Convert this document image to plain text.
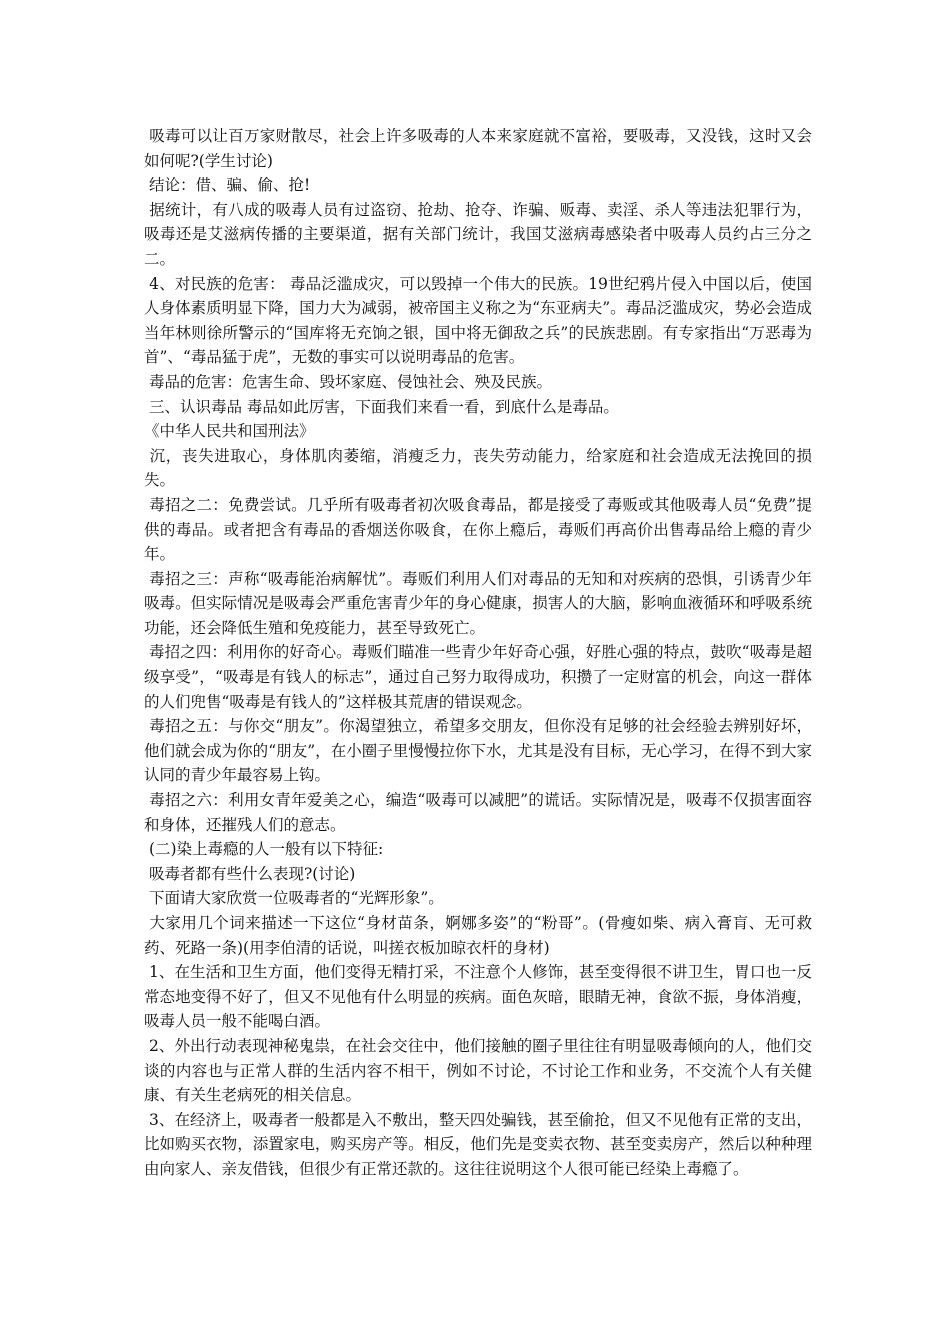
吸毒可以让百万家财散尽，社会上许多吸毒的人本来家庭就不富裕，要吸毒，又没钱，这时又会如何呢?(学生讨论)

结论：借、骗、偷、抢!

据统计，有八成的吸毒人员有过盗窃、抢劫、抢夺、诈骗、贩毒、卖淫、杀人等违法犯罪行为，吸毒还是艾滋病传播的主要渠道，据有关部门统计，我国艾滋病毒感染者中吸毒人员约占三分之二。

4、对民族的危害： 毒品泛滥成灾，可以毁掉一个伟大的民族。19世纪鸦片侵入中国以后，使国人身体素质明显下降，国力大为减弱，被帝国主义称之为“东亚病夫”。毒品泛滥成灾，势必会造成当年林则徐所警示的“国库将无充饷之银，国中将无御敌之兵”的民族悲剧。有专家指出“万恶毒为首”、“毒品猛于虎”，无数的事实可以说明毒品的危害。

毒品的危害：危害生命、毁坏家庭、侵蚀社会、殃及民族。

三、认识毒品 毒品如此厉害，下面我们来看一看，到底什么是毒品。

《中华人民共和国刑法》

沉，丧失进取心，身体肌肉萎缩，消瘦乏力，丧失劳动能力，给家庭和社会造成无法挽回的损失。

毒招之二：免费尝试。几乎所有吸毒者初次吸食毒品，都是接受了毒贩或其他吸毒人员“免费”提供的毒品。或者把含有毒品的香烟送你吸食，在你上瘾后，毒贩们再高价出售毒品给上瘾的青少年。

毒招之三：声称“吸毒能治病解忧”。毒贩们利用人们对毒品的无知和对疾病的恐惧，引诱青少年吸毒。但实际情况是吸毒会严重危害青少年的身心健康，损害人的大脑，影响血液循环和呼吸系统功能，还会降低生殖和免疫能力，甚至导致死亡。

毒招之四：利用你的好奇心。毒贩们瞄准一些青少年好奇心强，好胜心强的特点，鼓吹“吸毒是超级享受”，“吸毒是有钱人的标志”，通过自己努力取得成功，积攒了一定财富的机会，向这一群体的人们兜售“吸毒是有钱人的”这样极其荒唐的错误观念。

毒招之五：与你交“朋友”。你渴望独立，希望多交朋友，但你没有足够的社会经验去辨别好坏，他们就会成为你的“朋友”，在小圈子里慢慢拉你下水，尤其是没有目标，无心学习，在得不到大家认同的青少年最容易上钩。

毒招之六：利用女青年爱美之心，编造“吸毒可以减肥”的谎话。实际情况是，吸毒不仅损害面容和身体，还摧残人们的意志。

(二)染上毒瘾的人一般有以下特征:

吸毒者都有些什么表现?(讨论)

下面请大家欣赏一位吸毒者的“光辉形象”。

大家用几个词来描述一下这位“身材苗条，婀娜多姿”的“粉哥”。(骨瘦如柴、病入膏肓、无可救药、死路一条)(用李伯清的话说，叫搓衣板加晾衣杆的身材)

1、在生活和卫生方面，他们变得无精打采，不注意个人修饰，甚至变得很不讲卫生，胃口也一反常态地变得不好了，但又不见他有什么明显的疾病。面色灰暗，眼睛无神，食欲不振，身体消瘦，吸毒人员一般不能喝白酒。

2、外出行动表现神秘鬼祟，在社会交往中，他们接触的圈子里往往有明显吸毒倾向的人，他们交谈的内容也与正常人群的生活内容不相干，例如不讨论，不讨论工作和业务，不交流个人有关健康、有关生老病死的相关信息。

3、在经济上，吸毒者一般都是入不敷出，整天四处骗钱，甚至偷抢，但又不见他有正常的支出，比如购买衣物，添置家电，购买房产等。相反，他们先是变卖衣物、甚至变卖房产，然后以种种理由向家人、亲友借钱，但很少有正常还款的。这往往说明这个人很可能已经染上毒瘾了。
